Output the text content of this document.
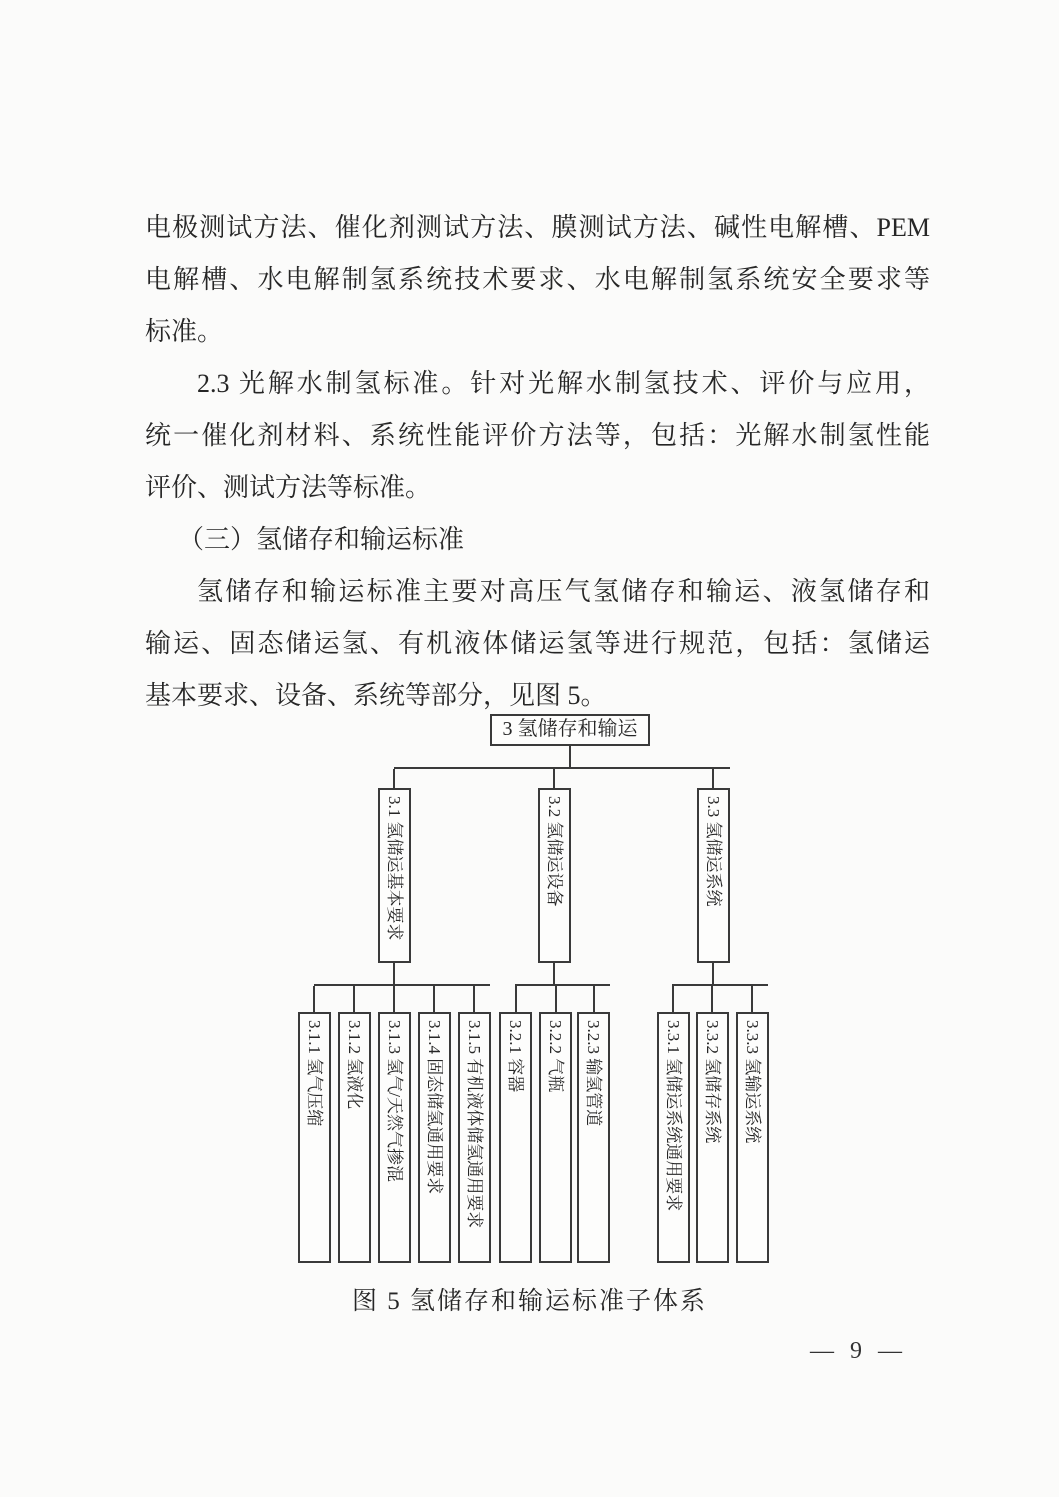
电极测试方法、催化剂测试方法、膜测试方法、碱性电解槽、PEM
电解槽、水电解制氢系统技术要求、水电解制氢系统安全要求等
标准。
2.3 光解水制氢标准。针对光解水制氢技术、评价与应用，
统一催化剂材料、系统性能评价方法等，包括：光解水制氢性能
评价、测试方法等标准。
（三）氢储存和输运标准
氢储存和输运标准主要对高压气氢储存和输运、液氢储存和
输运、固态储运氢、有机液体储运氢等进行规范，包括：氢储运
基本要求、设备、系统等部分，见图 5。
3 氢储存和输运
3.1 氢储运基本要求	3.2 氢储运设备	3.3 氢储运系统
3.1.1 氢气压缩	3.1.2 氢液化	3.1.3 氢气/天然气掺混	3.1.4 固态储氢通用要求	3.1.5 有机液体储氢通用要求	3.2.1 容器	3.2.2 气瓶	3.2.3 输氢管道	3.3.1 氢储运系统通用要求	3.3.2 氢储存系统	3.3.3 氢输运系统
图 5 氢储存和输运标准子体系
— 9 —
